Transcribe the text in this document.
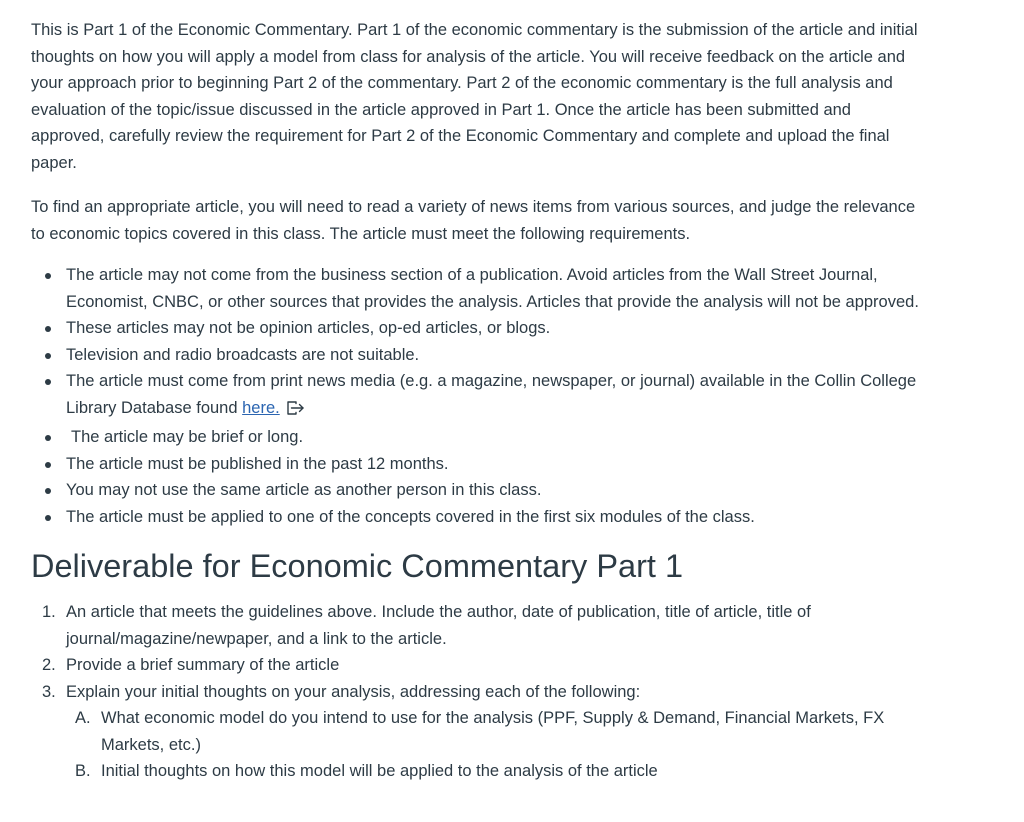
This is Part 1 of the Economic Commentary. Part 1 of the economic commentary is the submission of the article and initial thoughts on how you will apply a model from class for analysis of the article. You will receive feedback on the article and your approach prior to beginning Part 2 of the commentary. Part 2 of the economic commentary is the full analysis and evaluation of the topic/issue discussed in the article approved in Part 1. Once the article has been submitted and approved, carefully review the requirement for Part 2 of the Economic Commentary and complete and upload the final paper.

To find an appropriate article, you will need to read a variety of news items from various sources, and judge the relevance to economic topics covered in this class. The article must meet the following requirements.

The article may not come from the business section of a publication. Avoid articles from the Wall Street Journal, Economist, CNBC, or other sources that provides the analysis. Articles that provide the analysis will not be approved.
These articles may not be opinion articles, op-ed articles, or blogs.
Television and radio broadcasts are not suitable.
The article must come from print news media (e.g. a magazine, newspaper, or journal) available in the Collin College Library Database found here.
The article may be brief or long.
The article must be published in the past 12 months.
You may not use the same article as another person in this class.
The article must be applied to one of the concepts covered in the first six modules of the class.
Deliverable for Economic Commentary Part 1
1. An article that meets the guidelines above. Include the author, date of publication, title of article, title of journal/magazine/newpaper, and a link to the article.
2. Provide a brief summary of the article
3. Explain your initial thoughts on your analysis, addressing each of the following:
A. What economic model do you intend to use for the analysis (PPF, Supply & Demand, Financial Markets, FX Markets, etc.)
B. Initial thoughts on how this model will be applied to the analysis of the article
